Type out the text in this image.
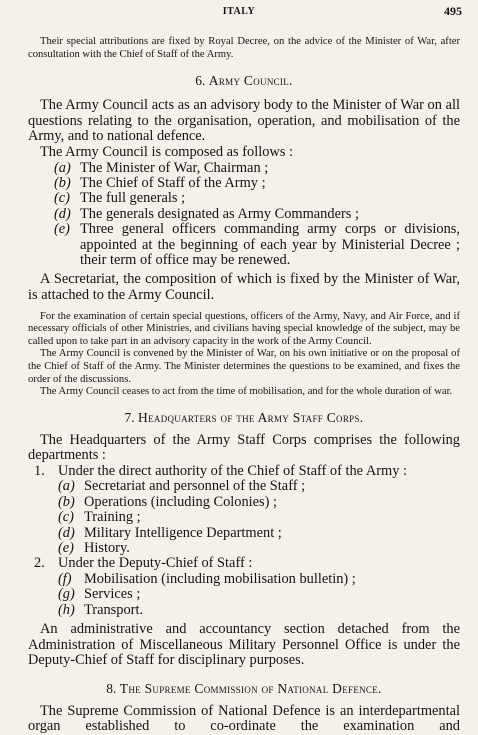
ITALY	495

Their special attributions are fixed by Royal Decree, on the advice of the Minister of War, after consultation with the Chief of Staff of the Army.

6. Army Council.

The Army Council acts as an advisory body to the Minister of War on all questions relating to the organisation, operation, and mobilisation of the Army, and to national defence.

The Army Council is composed as follows :

(a) The Minister of War, Chairman ;
(b) The Chief of Staff of the Army ;
(c) The full generals ;
(d) The generals designated as Army Commanders ;
(e) Three general officers commanding army corps or divisions, appointed at the beginning of each year by Ministerial Decree ; their term of office may be renewed.

A Secretariat, the composition of which is fixed by the Minister of War, is attached to the Army Council.

For the examination of certain special questions, officers of the Army, Navy, and Air Force, and if necessary officials of other Ministries, and civilians having special knowledge of the subject, may be called upon to take part in an advisory capacity in the work of the Army Council.

The Army Council is convened by the Minister of War, on his own initiative or on the proposal of the Chief of Staff of the Army. The Minister determines the questions to be examined, and fixes the order of the discussions.

The Army Council ceases to act from the time of mobilisation, and for the whole duration of war.

7. Headquarters of the Army Staff Corps.

The Headquarters of the Army Staff Corps comprises the following departments :

1. Under the direct authority of the Chief of Staff of the Army :
(a) Secretariat and personnel of the Staff ;
(b) Operations (including Colonies) ;
(c) Training ;
(d) Military Intelligence Department ;
(e) History.
2. Under the Deputy-Chief of Staff :
(f) Mobilisation (including mobilisation bulletin) ;
(g) Services ;
(h) Transport.

An administrative and accountancy section detached from the Administration of Miscellaneous Military Personnel Office is under the Deputy-Chief of Staff for disciplinary purposes.

8. The Supreme Commission of National Defence.

The Supreme Commission of National Defence is an interdepartmental organ established to co-ordinate the examination and
